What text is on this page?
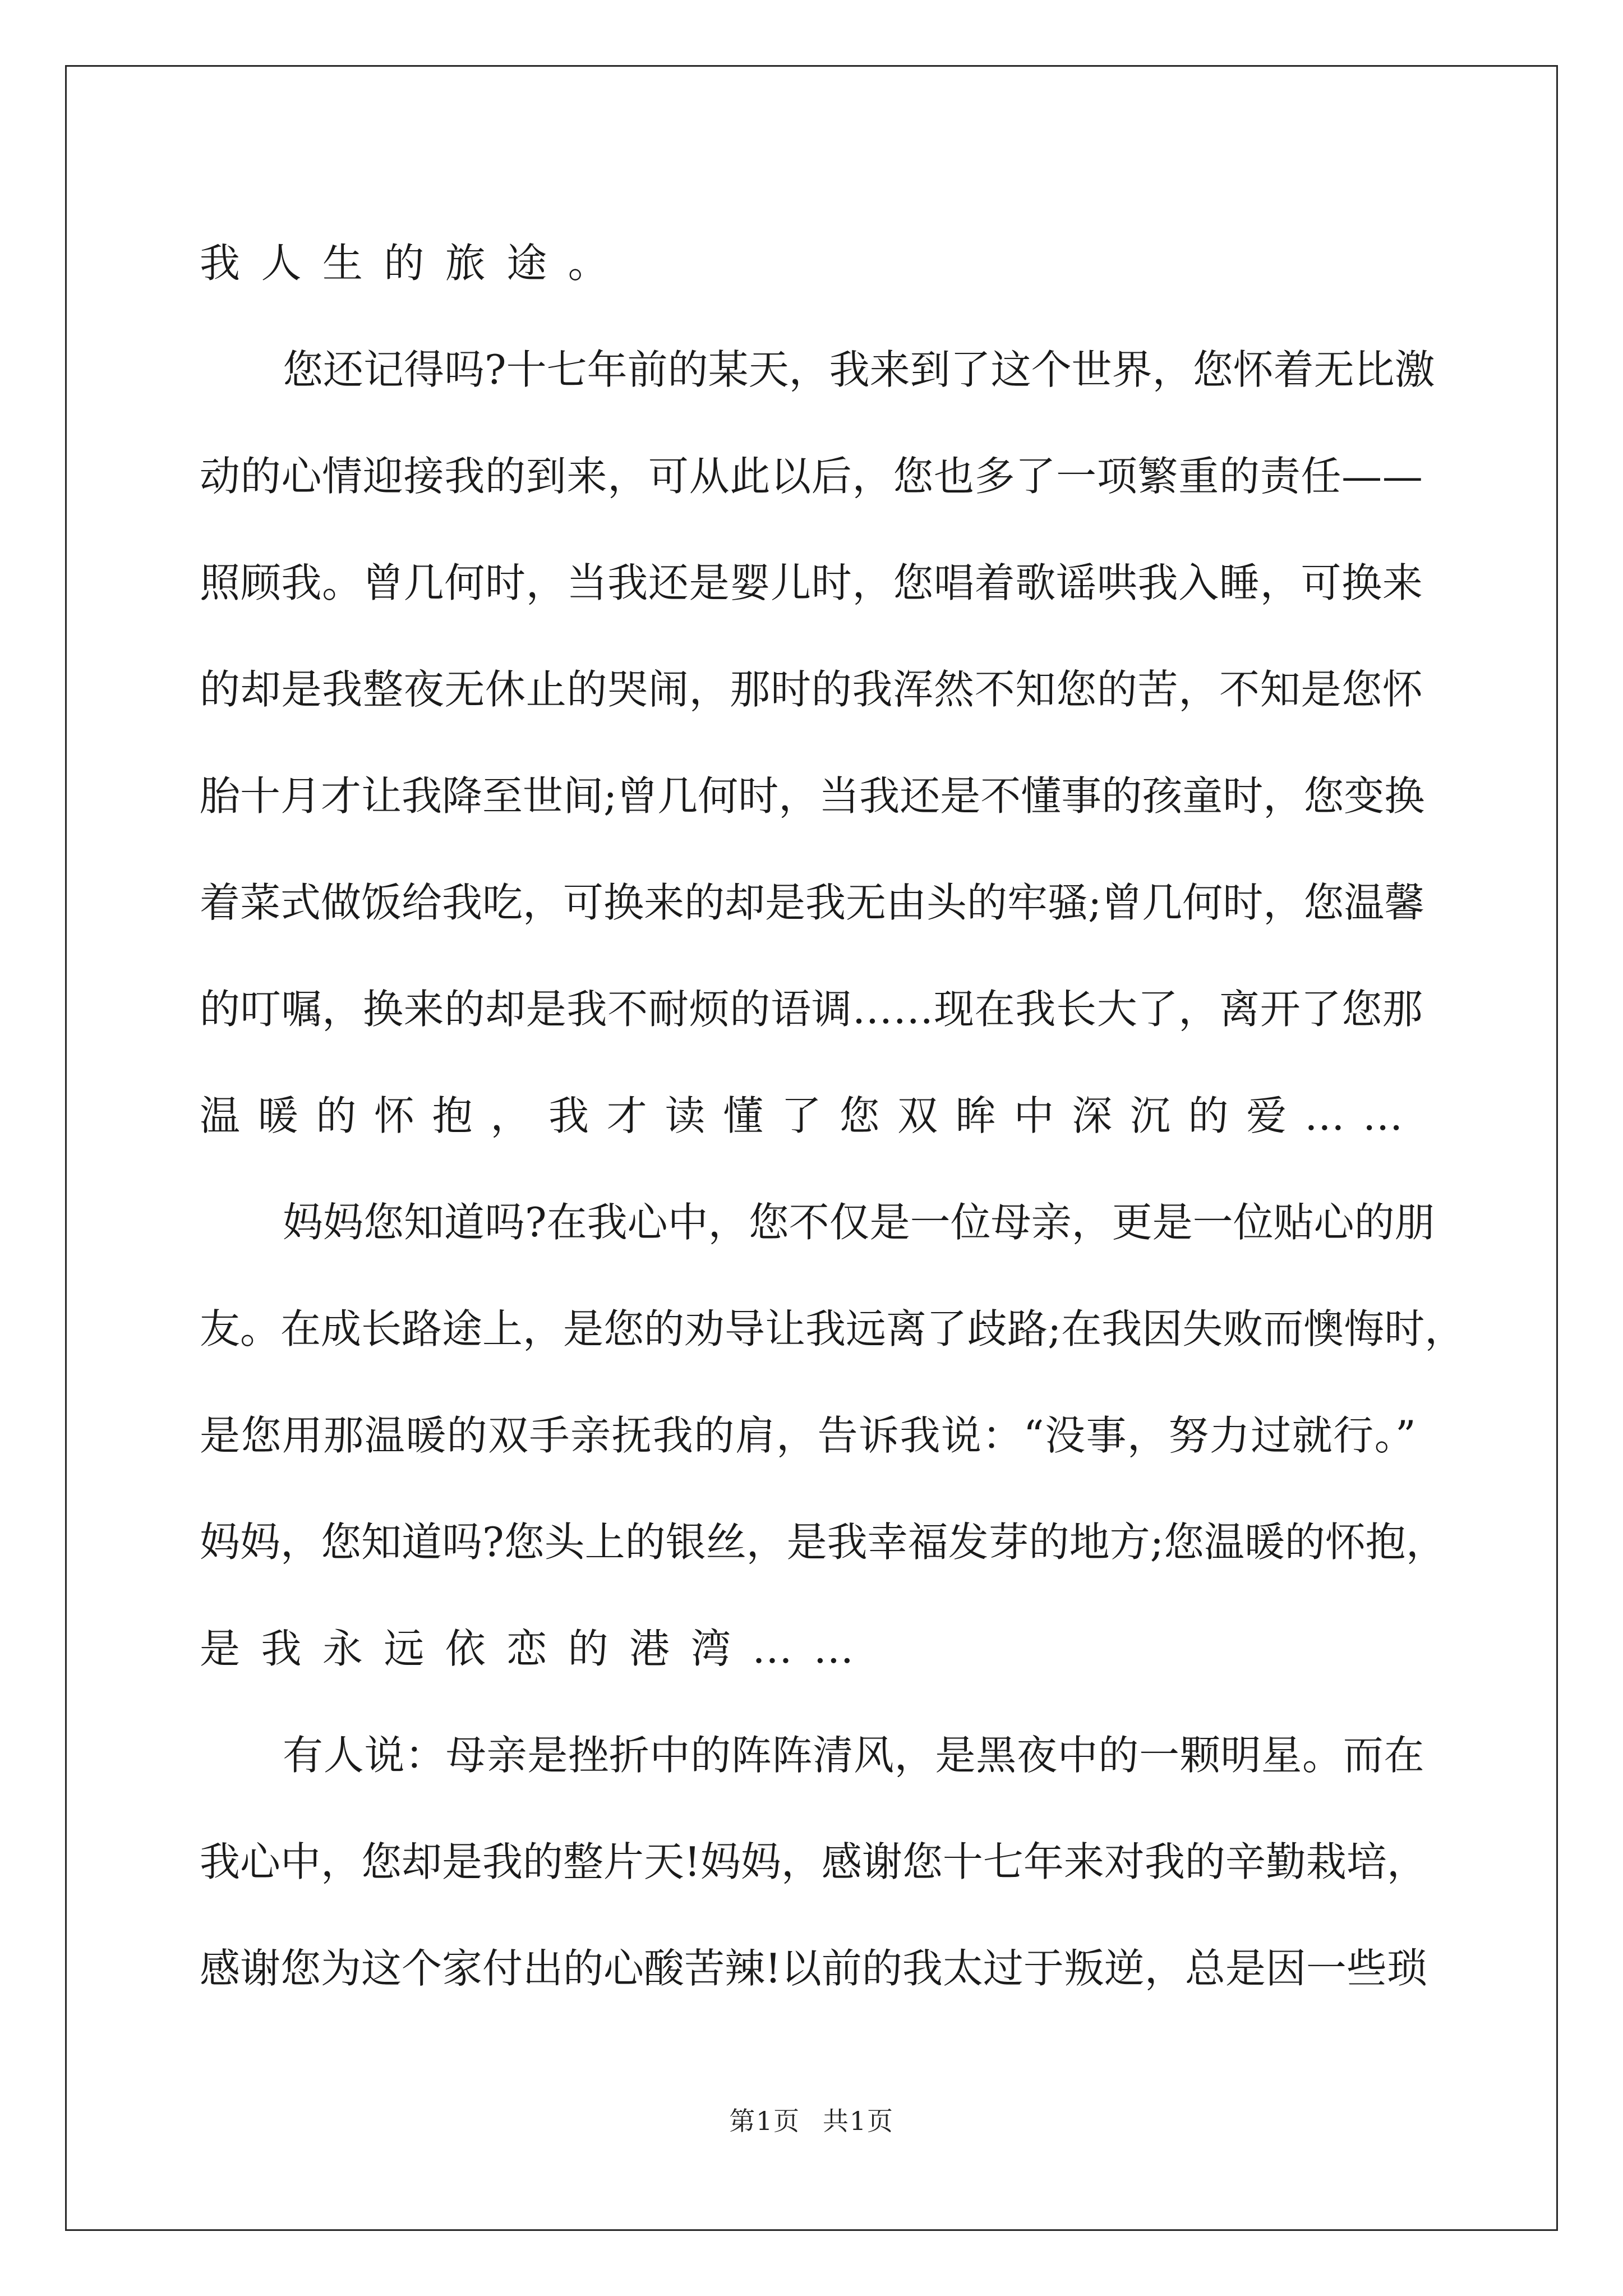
我人生的旅途。
您还记得吗?十七年前的某天，我来到了这个世界，您怀着无比激
动的心情迎接我的到来，可从此以后，您也多了一项繁重的责任——
照顾我。曾几何时，当我还是婴儿时，您唱着歌谣哄我入睡，可换来
的却是我整夜无休止的哭闹，那时的我浑然不知您的苦，不知是您怀
胎十月才让我降至世间;曾几何时，当我还是不懂事的孩童时，您变换
着菜式做饭给我吃，可换来的却是我无由头的牢骚;曾几何时，您温馨
的叮嘱，换来的却是我不耐烦的语调……现在我长大了，离开了您那
温暖的怀抱，我才读懂了您双眸中深沉的爱……
妈妈您知道吗?在我心中，您不仅是一位母亲，更是一位贴心的朋
友。在成长路途上，是您的劝导让我远离了歧路;在我因失败而懊悔时，
是您用那温暖的双手亲抚我的肩，告诉我说：“没事，努力过就行。”
妈妈，您知道吗?您头上的银丝，是我幸福发芽的地方;您温暖的怀抱，
是我永远依恋的港湾……
有人说：母亲是挫折中的阵阵清风，是黑夜中的一颗明星。而在
我心中，您却是我的整片天!妈妈，感谢您十七年来对我的辛勤栽培，
感谢您为这个家付出的心酸苦辣!以前的我太过于叛逆，总是因一些琐
第1页 共1页
